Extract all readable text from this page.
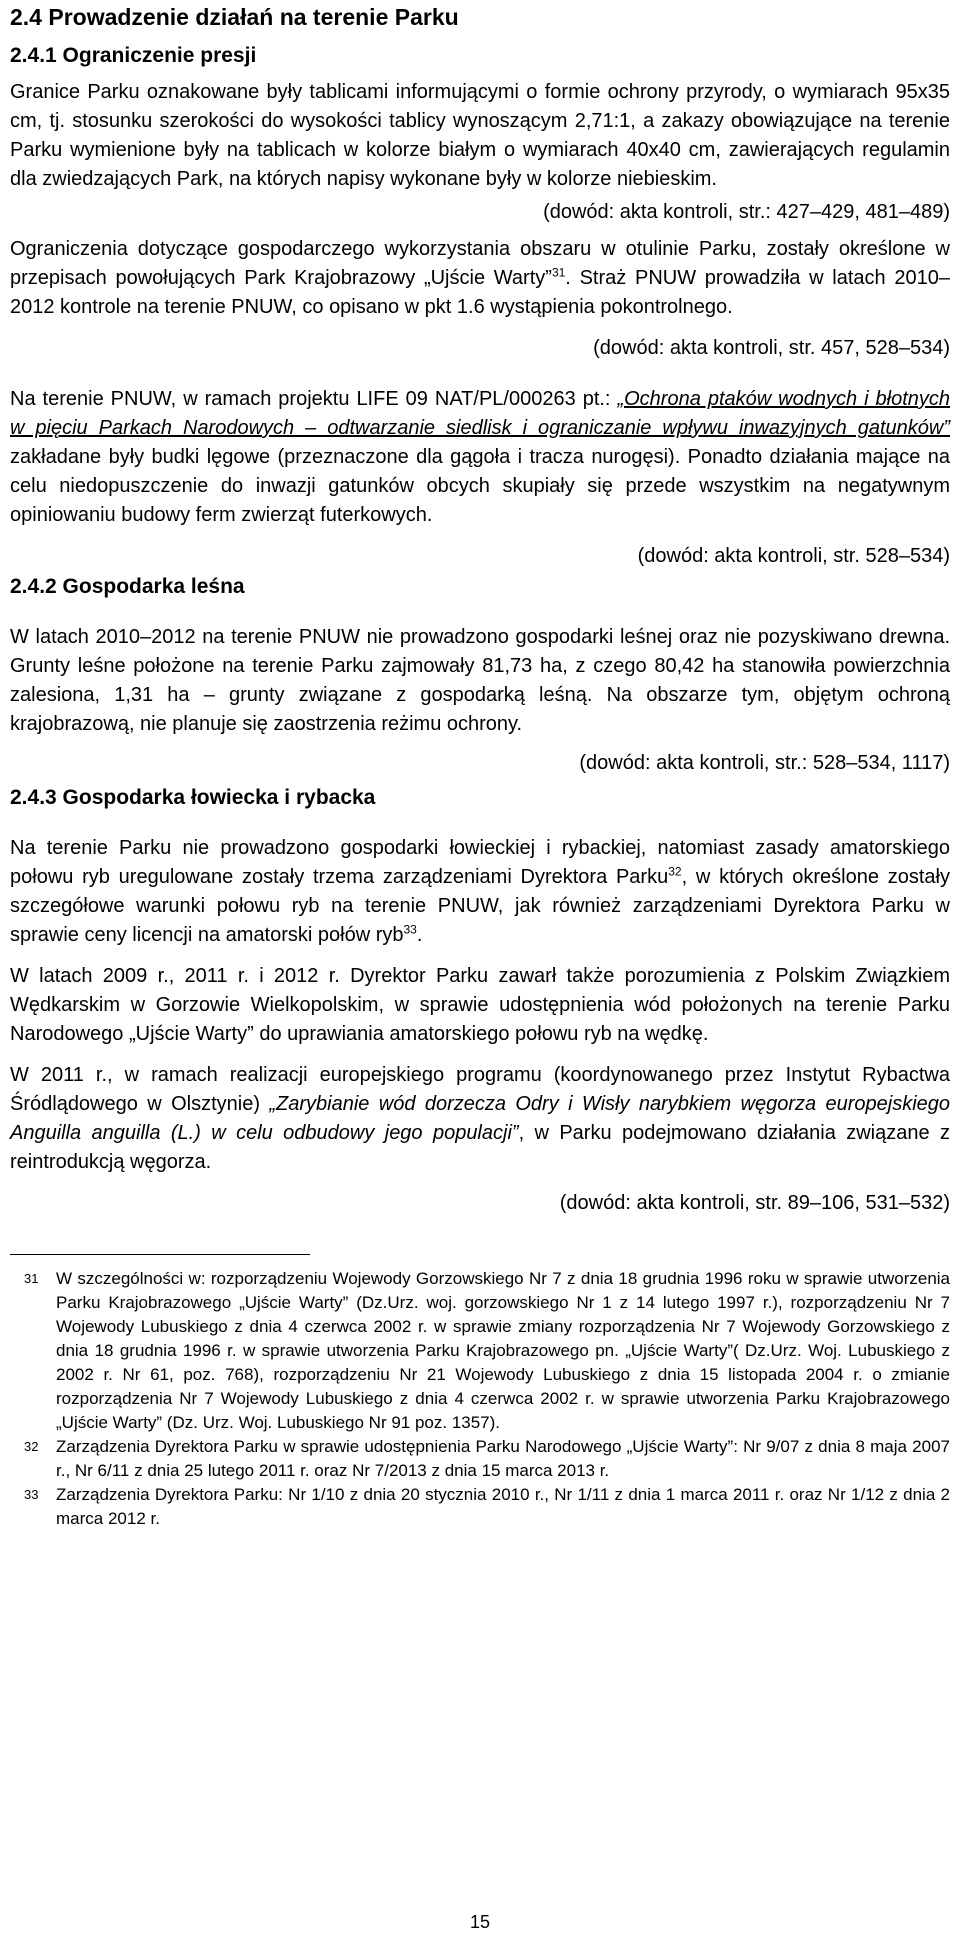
2.4 Prowadzenie działań na terenie Parku
2.4.1 Ograniczenie presji

Granice Parku oznakowane były tablicami informującymi o formie ochrony przyrody, o wymiarach 95x35 cm, tj. stosunku szerokości do wysokości tablicy wynoszącym 2,71:1, a zakazy obowiązujące na terenie Parku wymienione były na tablicach w kolorze białym o wymiarach 40x40 cm, zawierających regulamin dla zwiedzających Park, na których napisy wykonane były w kolorze niebieskim.

(dowód: akta kontroli, str.: 427–429, 481–489)

Ograniczenia dotyczące gospodarczego wykorzystania obszaru w otulinie Parku, zostały określone w przepisach powołujących Park Krajobrazowy „Ujście Warty”$^{31}$. Straż PNUW prowadziła w latach 2010–2012 kontrole na terenie PNUW, co opisano w pkt 1.6 wystąpienia pokontrolnego.

(dowód: akta kontroli, str. 457, 528–534)

Na terenie PNUW, w ramach projektu LIFE 09 NAT/PL/000263 pt.: „Ochrona ptaków wodnych i błotnych w pięciu Parkach Narodowych – odtwarzanie siedlisk i ograniczanie wpływu inwazyjnych gatunków” zakładane były budki lęgowe (przeznaczone dla gągoła i tracza nurogęsi). Ponadto działania mające na celu niedopuszczenie do inwazji gatunków obcych skupiały się przede wszystkim na negatywnym opiniowaniu budowy ferm zwierząt futerkowych.

(dowód: akta kontroli, str. 528–534)
2.4.2 Gospodarka leśna

W latach 2010–2012 na terenie PNUW nie prowadzono gospodarki leśnej oraz nie pozyskiwano drewna. Grunty leśne położone na terenie Parku zajmowały 81,73 ha, z czego 80,42 ha stanowiła powierzchnia zalesiona, 1,31 ha – grunty związane z gospodarką leśną. Na obszarze tym, objętym ochroną krajobrazową, nie planuje się zaostrzenia reżimu ochrony.

(dowód: akta kontroli, str.: 528–534, 1117)
2.4.3 Gospodarka łowiecka i rybacka

Na terenie Parku nie prowadzono gospodarki łowieckiej i rybackiej, natomiast zasady amatorskiego połowu ryb uregulowane zostały trzema zarządzeniami Dyrektora Parku$^{32}$, w których określone zostały szczegółowe warunki połowu ryb na terenie PNUW, jak również zarządzeniami Dyrektora Parku w sprawie ceny licencji na amatorski połów ryb$^{33}$.

W latach 2009 r., 2011 r. i 2012 r. Dyrektor Parku zawarł także porozumienia z Polskim Związkiem Wędkarskim w Gorzowie Wielkopolskim, w sprawie udostępnienia wód położonych na terenie Parku Narodowego „Ujście Warty” do uprawiania amatorskiego połowu ryb na wędkę.

W 2011 r., w ramach realizacji europejskiego programu (koordynowanego przez Instytut Rybactwa Śródlądowego w Olsztynie) „Zarybianie wód dorzecza Odry i Wisły narybkiem węgorza europejskiego Anguilla anguilla (L.) w celu odbudowy jego populacji”, w Parku podejmowano działania związane z reintrodukcją węgorza.

(dowód: akta kontroli, str. 89–106, 531–532)
31	W szczególności w: rozporządzeniu Wojewody Gorzowskiego Nr 7 z dnia 18 grudnia 1996 roku w sprawie utworzenia Parku Krajobrazowego „Ujście Warty” (Dz.Urz. woj. gorzowskiego Nr 1 z 14 lutego 1997 r.), rozporządzeniu Nr 7 Wojewody Lubuskiego z dnia 4 czerwca 2002 r. w sprawie zmiany rozporządzenia Nr 7 Wojewody Gorzowskiego z dnia 18 grudnia 1996 r. w sprawie utworzenia Parku Krajobrazowego pn. „Ujście Warty”( Dz.Urz. Woj. Lubuskiego z 2002 r. Nr 61, poz. 768), rozporządzeniu Nr 21 Wojewody Lubuskiego z dnia 15 listopada 2004 r. o zmianie rozporządzenia Nr 7 Wojewody Lubuskiego z dnia 4 czerwca 2002 r. w sprawie utworzenia Parku Krajobrazowego „Ujście Warty” (Dz. Urz. Woj. Lubuskiego Nr 91 poz. 1357).
32	Zarządzenia Dyrektora Parku w sprawie udostępnienia Parku Narodowego „Ujście Warty”: Nr 9/07 z dnia 8 maja 2007 r., Nr 6/11 z dnia 25 lutego 2011 r. oraz Nr 7/2013 z dnia 15 marca 2013 r.
33	Zarządzenia Dyrektora Parku: Nr 1/10 z dnia 20 stycznia 2010 r., Nr 1/11 z dnia 1 marca 2011 r. oraz Nr 1/12 z dnia 2 marca 2012 r.
15
